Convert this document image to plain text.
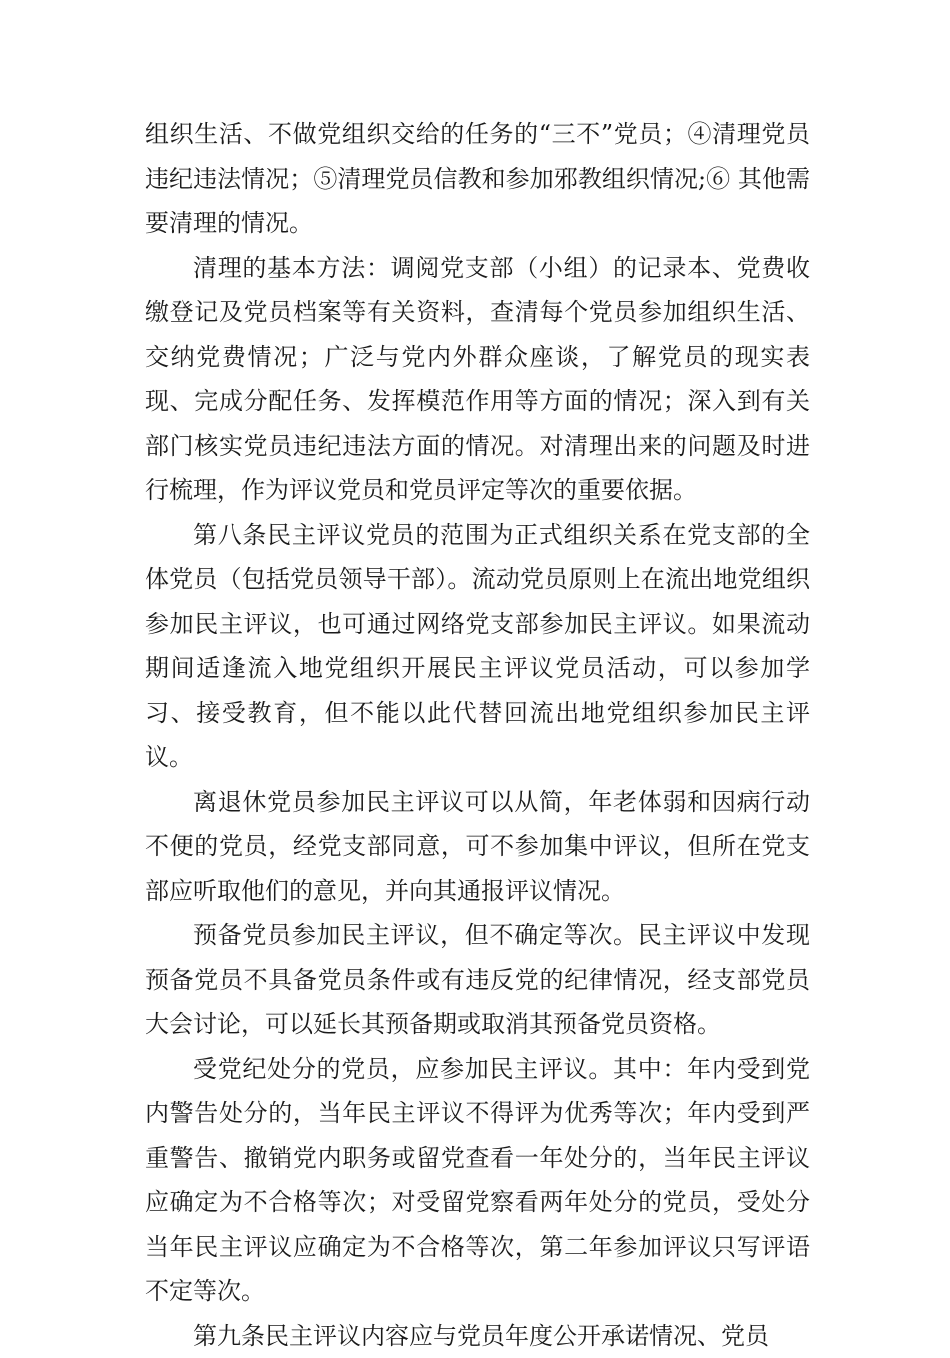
组织生活、不做党组织交给的任务的“三不”党员；④清理党员违纪违法情况；⑤清理党员信教和参加邪教组织情况;⑥ 其他需要清理的情况。

清理的基本方法：调阅党支部（小组）的记录本、党费收缴登记及党员档案等有关资料，查清每个党员参加组织生活、交纳党费情况；广泛与党内外群众座谈，了解党员的现实表现、完成分配任务、发挥模范作用等方面的情况；深入到有关部门核实党员违纪违法方面的情况。对清理出来的问题及时进行梳理，作为评议党员和党员评定等次的重要依据。

第八条民主评议党员的范围为正式组织关系在党支部的全体党员（包括党员领导干部）。流动党员原则上在流出地党组织参加民主评议，也可通过网络党支部参加民主评议。如果流动期间适逢流入地党组织开展民主评议党员活动，可以参加学习、接受教育，但不能以此代替回流出地党组织参加民主评议。

离退休党员参加民主评议可以从简，年老体弱和因病行动不便的党员，经党支部同意，可不参加集中评议，但所在党支部应听取他们的意见，并向其通报评议情况。

预备党员参加民主评议，但不确定等次。民主评议中发现预备党员不具备党员条件或有违反党的纪律情况，经支部党员大会讨论，可以延长其预备期或取消其预备党员资格。

受党纪处分的党员，应参加民主评议。其中：年内受到党内警告处分的，当年民主评议不得评为优秀等次；年内受到严重警告、撤销党内职务或留党查看一年处分的，当年民主评议应确定为不合格等次；对受留党察看两年处分的党员，受处分当年民主评议应确定为不合格等次，第二年参加评议只写评语不定等次。

第九条民主评议内容应与党员年度公开承诺情况、党员
